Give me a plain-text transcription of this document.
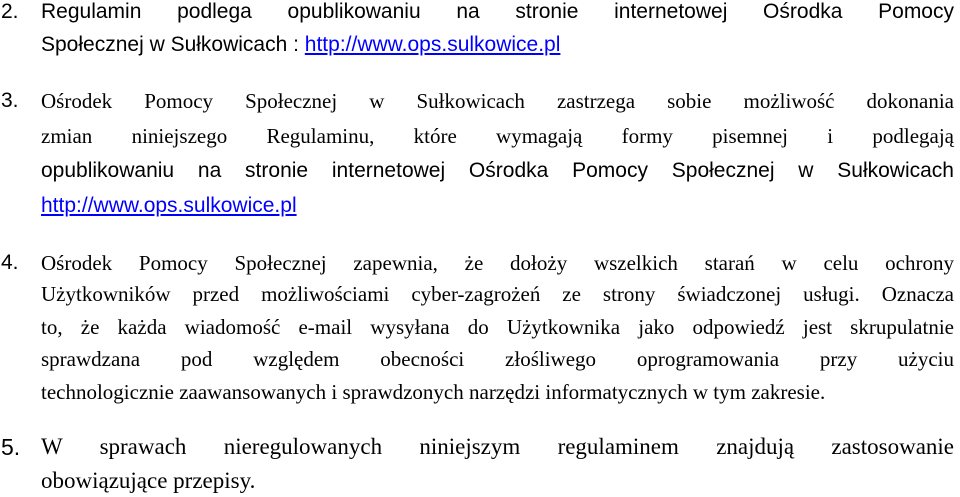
2. Regulamin podlega opublikowaniu na stronie internetowej Ośrodka Pomocy
Społecznej w Sułkowicach : http://www.ops.sulkowice.pl
3. Ośrodek Pomocy Społecznej w Sułkowicach zastrzega sobie możliwość dokonania
zmian niniejszego Regulaminu, które wymagają formy pisemnej i podlegają
opublikowaniu na stronie internetowej Ośrodka Pomocy Społecznej w Sułkowicach
http://www.ops.sulkowice.pl
4. Ośrodek Pomocy Społecznej zapewnia, że dołoży wszelkich starań w celu ochrony
Użytkowników przed możliwościami cyber-zagrożeń ze strony świadczonej usługi. Oznacza
to, że każda wiadomość e-mail wysyłana do Użytkownika jako odpowiedź jest skrupulatnie
sprawdzana pod względem obecności złośliwego oprogramowania przy użyciu
technologicznie zaawansowanych i sprawdzonych narzędzi informatycznych w tym zakresie.
5. W sprawach nieregulowanych niniejszym regulaminem znajdują zastosowanie
obowiązujące przepisy.
